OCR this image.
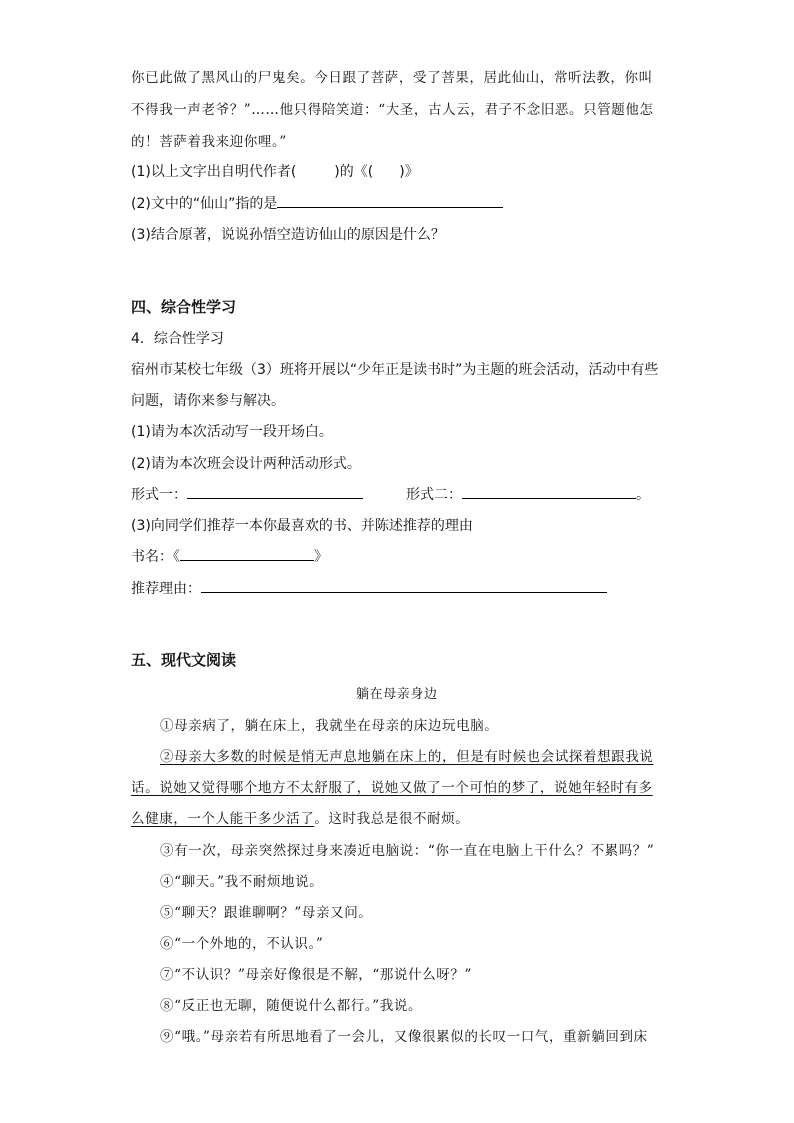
你已此做了黑风山的尸鬼矣。今日跟了菩萨，受了菩果，居此仙山，常听法教，你叫
不得我一声老爷？”……他只得陪笑道：“大圣，古人云，君子不念旧恶。只管题他怎
的！菩萨着我来迎你哩。”
(1)以上文字出自明代作者(	)的《( )》
(2)文中的“仙山”指的是
(3)结合原著，说说孙悟空造访仙山的原因是什么？
四、综合性学习
4．综合性学习
宿州市某校七年级（3）班将开展以“少年正是读书时”为主题的班会活动，活动中有些
问题，请你来参与解决。
(1)请为本次活动写一段开场白。
(2)请为本次班会设计两种活动形式。
形式一：	形式二：	。
(3)向同学们推荐一本你最喜欢的书、并陈述推荐的理由
书名：《	》
推荐理由：
五、现代文阅读
躺在母亲身边
①母亲病了，躺在床上，我就坐在母亲的床边玩电脑。
②母亲大多数的时候是悄无声息地躺在床上的，但是有时候也会试探着想跟我说
话。说她又觉得哪个地方不太舒服了，说她又做了一个可怕的梦了，说她年轻时有多
么健康，一个人能干多少活了。这时我总是很不耐烦。
③有一次，母亲突然探过身来凑近电脑说：“你一直在电脑上干什么？不累吗？”
④“聊天。”我不耐烦地说。
⑤“聊天？跟谁聊啊？”母亲又问。
⑥“一个外地的，不认识。”
⑦“不认识？”母亲好像很是不解，“那说什么呀？”
⑧“反正也无聊，随便说什么都行。”我说。
⑨“哦。”母亲若有所思地看了一会儿，又像很累似的长叹一口气，重新躺回到床
